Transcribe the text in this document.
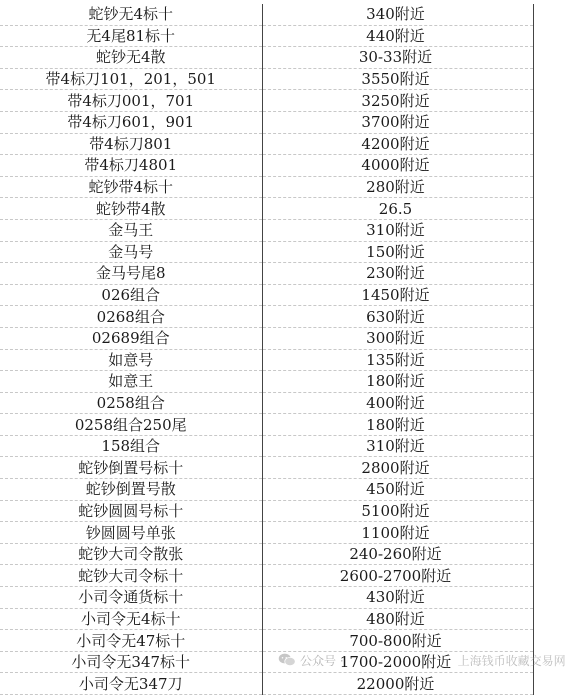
蛇钞无4标十	340附近
无4尾81标十	440附近
蛇钞无4散	30-33附近
带4标刀101，201，501	3550附近
带4标刀001，701	3250附近
带4标刀601，901	3700附近
带4标刀801	4200附近
带4标刀4801	4000附近
蛇钞带4标十	280附近
蛇钞带4散	26.5
金马王	310附近
金马号	150附近
金马号尾8	230附近
026组合	1450附近
0268组合	630附近
02689组合	300附近
如意号	135附近
如意王	180附近
0258组合	400附近
0258组合250尾	180附近
158组合	310附近
蛇钞倒置号标十	2800附近
蛇钞倒置号散	450附近
蛇钞圆圆号标十	5100附近
钞圆圆号单张	1100附近
蛇钞大司令散张	240-260附近
蛇钞大司令标十	2600-2700附近
小司令通货标十	430附近
小司令无4标十	480附近
小司令无47标十	700-800附近
小司令无347标十	1700-2000附近
小司令无347刀	22000附近
公众号 ·	上海钱币收藏交易网
